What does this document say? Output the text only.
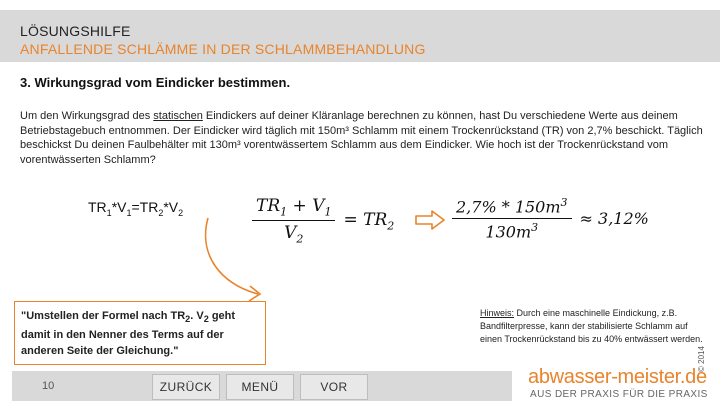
LÖSUNGSHILFE
ANFALLENDE SCHLÄMME IN DER SCHLAMMBEHANDLUNG
3. Wirkungsgrad vom Eindicker bestimmen.
Um den Wirkungsgrad des statischen Eindickers auf deiner Kläranlage berechnen zu können, hast Du verschiedene Werte aus deinem Betriebstagebuch entnommen. Der Eindicker wird täglich mit 150m³ Schlamm mit einem Trockenrückstand (TR) von 2,7% beschickt. Täglich beschickst Du deinen Faulbehälter mit 130m³ vorentwässertem Schlamm aus dem Eindicker. Wie hoch ist der Trockenrückstand vom vorentwässerten Schlamm?
$TR_1*V_1=TR_2*V_2$	$\frac{TR_1 + V_1}{V_2} = TR_2$	$\frac{2,7\% * 150m^3}{130m^3} \approx 3,12\%$
"Umstellen der Formel nach $TR_2$. $V_2$ geht damit in den Nenner des Terms auf der anderen Seite der Gleichung."
Hinweis: Durch eine maschinelle Eindickung, z.B. Bandfilterpresse, kann der stabilisierte Schlamm auf einen Trockenrückstand bis zu 40% entwässert werden.
10	ZURÜCK	MENÜ	VOR	abwasser-meister.de
AUS DER PRAXIS FÜR DIE PRAXIS
© 2014
